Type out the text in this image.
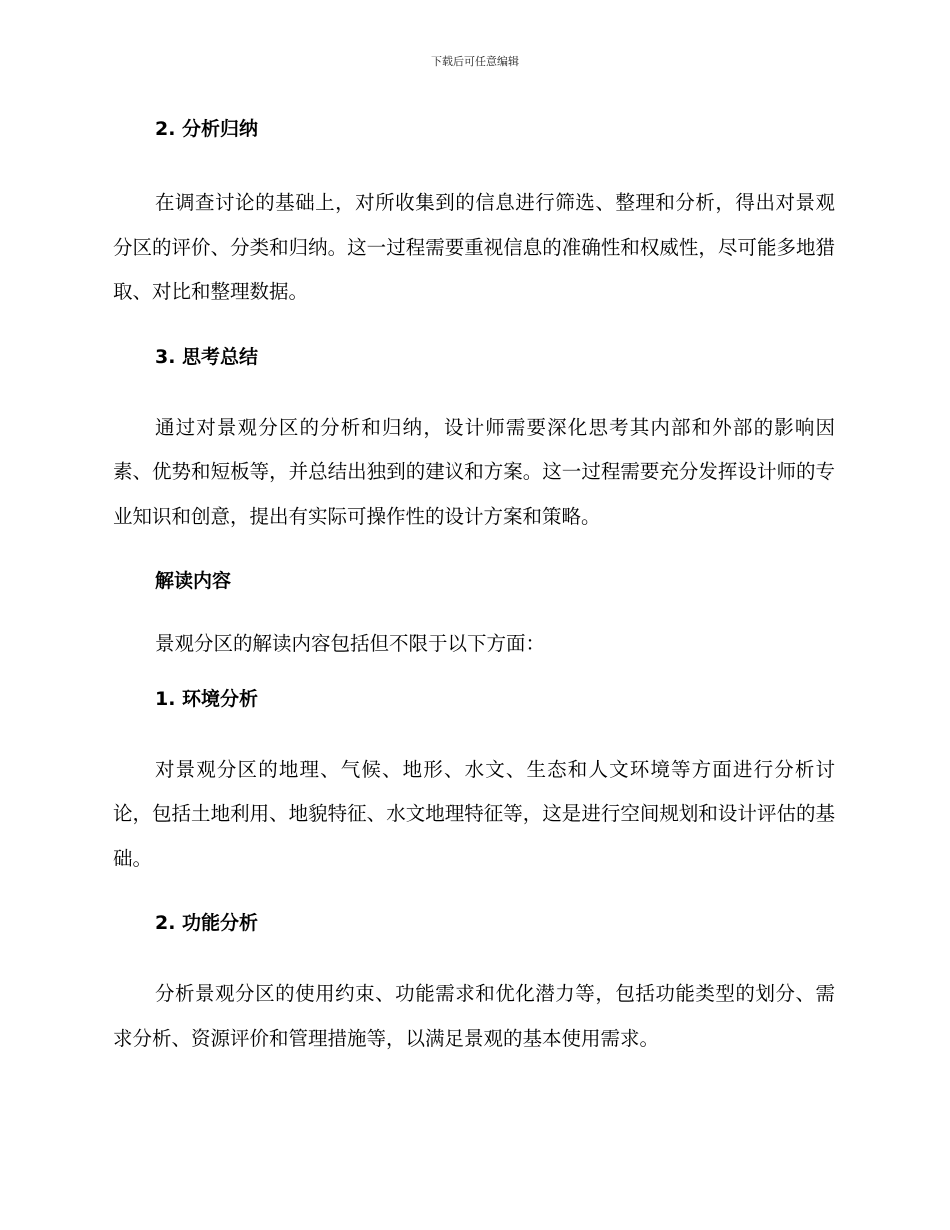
下载后可任意编辑
2. 分析归纳

在调查讨论的基础上，对所收集到的信息进行筛选、整理和分析，得出对景观分区的评价、分类和归纳。这一过程需要重视信息的准确性和权威性，尽可能多地猎取、对比和整理数据。

3. 思考总结

通过对景观分区的分析和归纳，设计师需要深化思考其内部和外部的影响因素、优势和短板等，并总结出独到的建议和方案。这一过程需要充分发挥设计师的专业知识和创意，提出有实际可操作性的设计方案和策略。

解读内容

景观分区的解读内容包括但不限于以下方面：

1. 环境分析

对景观分区的地理、气候、地形、水文、生态和人文环境等方面进行分析讨论，包括土地利用、地貌特征、水文地理特征等，这是进行空间规划和设计评估的基础。

2. 功能分析

分析景观分区的使用约束、功能需求和优化潜力等，包括功能类型的划分、需求分析、资源评价和管理措施等，以满足景观的基本使用需求。
